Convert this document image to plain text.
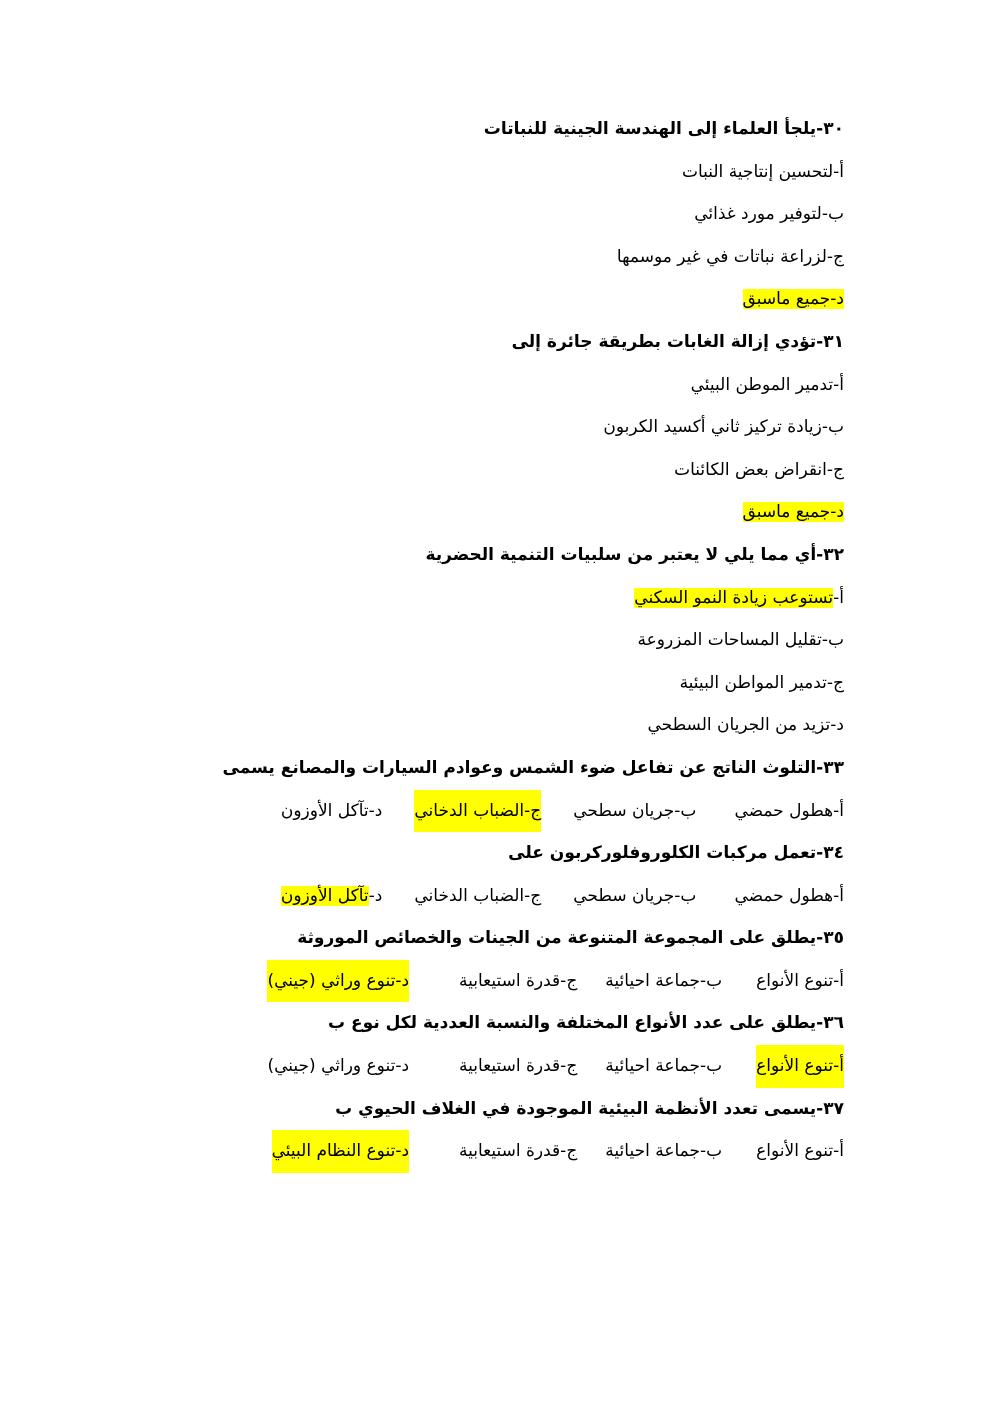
٣٠-يلجأ العلماء إلى الهندسة الجينية للنباتات
أ-لتحسين إنتاجية النبات
ب-لتوفير مورد غذائي
ج-لزراعة نباتات في غير موسمها
د-جميع ماسبق
٣١-تؤدي إزالة الغابات بطريقة جائرة إلى
أ-تدمير الموطن البيئي
ب-زيادة تركيز ثاني أكسيد الكربون
ج-انقراض بعض الكائنات
د-جميع ماسبق
٣٢-أي مما يلي لا يعتبر من سلبيات التنمية الحضرية
أ-تستوعب زيادة النمو السكني
ب-تقليل المساحات المزروعة
ج-تدمير المواطن البيئية
د-تزيد من الجريان السطحي
٣٣-التلوث الناتج عن تفاعل ضوء الشمس وعوادم السيارات والمصانع يسمى
أ-هطول حمضي
ب-جريان سطحي
ج-الضباب الدخاني
د-تآكل الأوزون
٣٤-تعمل مركبات الكلوروفلوركربون على
أ-هطول حمضي
ب-جريان سطحي
ج-الضباب الدخاني
د-تآكل الأوزون
٣٥-يطلق على المجموعة المتنوعة من الجينات والخصائص الموروثة
أ-تنوع الأنواع
ب-جماعة احيائية
ج-قدرة استيعابية
د-تنوع وراثي (جيني)
٣٦-يطلق على عدد الأنواع المختلفة والنسبة العددية لكل نوع ب
أ-تنوع الأنواع
ب-جماعة احيائية
ج-قدرة استيعابية
د-تنوع وراثي (جيني)
٣٧-يسمى تعدد الأنظمة البيئية الموجودة في الغلاف الحيوي ب
أ-تنوع الأنواع
ب-جماعة احيائية
ج-قدرة استيعابية
د-تنوع النظام البيئي
